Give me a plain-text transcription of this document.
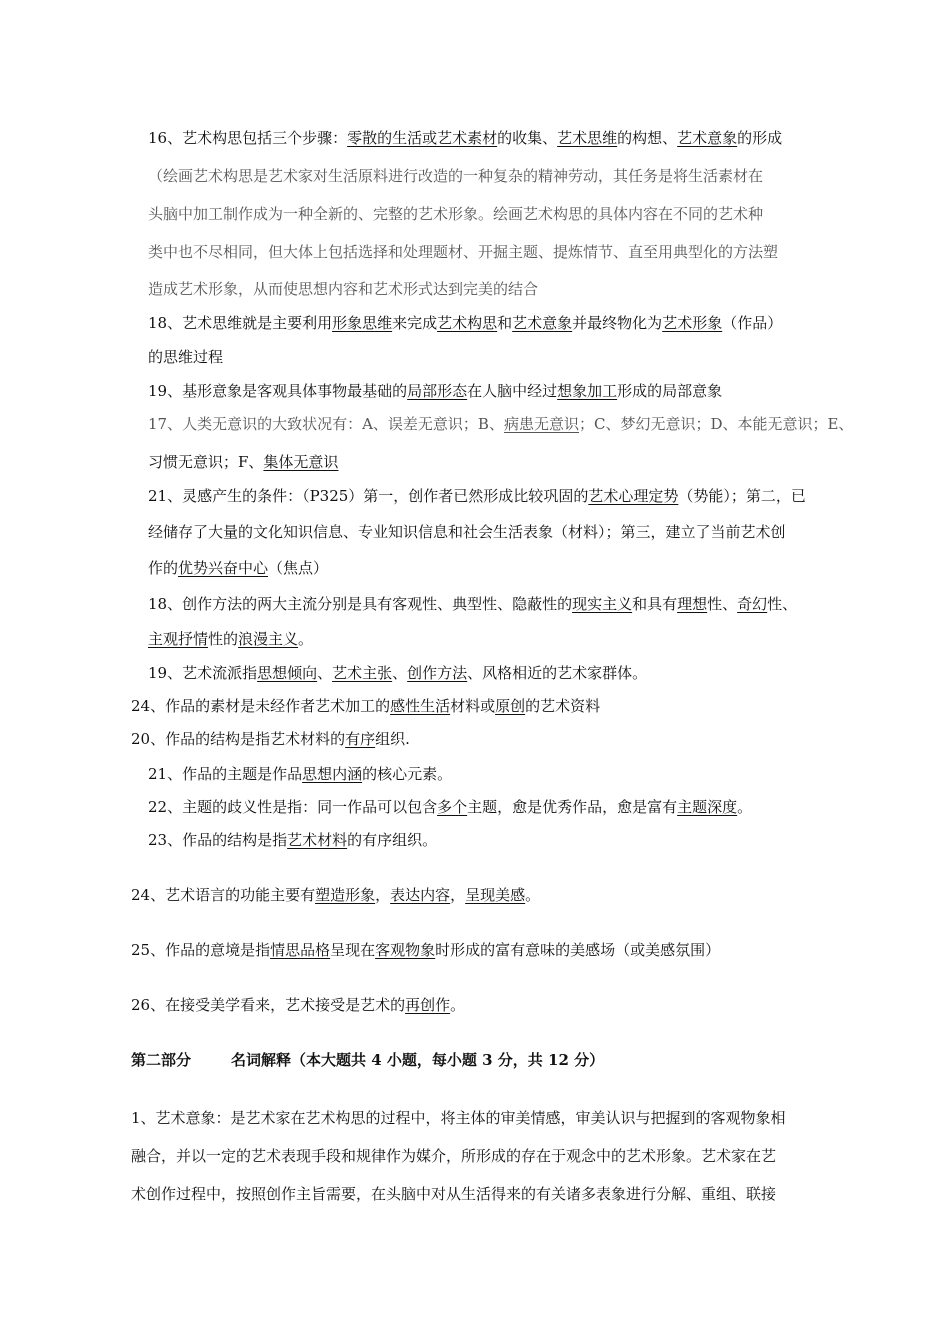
16、艺术构思包括三个步骤：零散的生活或艺术素材的收集、艺术思维的构想、艺术意象的形成
（绘画艺术构思是艺术家对生活原料进行改造的一种复杂的精神劳动，其任务是将生活素材在
头脑中加工制作成为一种全新的、完整的艺术形象。绘画艺术构思的具体内容在不同的艺术种
类中也不尽相同，但大体上包括选择和处理题材、开掘主题、提炼情节、直至用典型化的方法塑
造成艺术形象，从而使思想内容和艺术形式达到完美的结合
18、艺术思维就是主要利用形象思维来完成艺术构思和艺术意象并最终物化为艺术形象（作品）
的思维过程
19、基形意象是客观具体事物最基础的局部形态在人脑中经过想象加工形成的局部意象
17、人类无意识的大致状况有：A、误差无意识；B、病患无意识；C、梦幻无意识；D、本能无意识；E、
习惯无意识；F、集体无意识
21、灵感产生的条件：（P325）第一，创作者已然形成比较巩固的艺术心理定势（势能）；第二，已
经储存了大量的文化知识信息、专业知识信息和社会生活表象（材料）；第三，建立了当前艺术创
作的优势兴奋中心（焦点）
18、创作方法的两大主流分别是具有客观性、典型性、隐蔽性的现实主义和具有理想性、奇幻性、
主观抒情性的浪漫主义。
19、艺术流派指思想倾向、艺术主张、创作方法、风格相近的艺术家群体。
24、作品的素材是未经作者艺术加工的感性生活材料或原创的艺术资料
20、作品的结构是指艺术材料的有序组织.
21、作品的主题是作品思想内涵的核心元素。
22、主题的歧义性是指：同一作品可以包含多个主题，愈是优秀作品，愈是富有主题深度。
23、作品的结构是指艺术材料的有序组织。
24、艺术语言的功能主要有塑造形象，表达内容，呈现美感。
25、作品的意境是指情思品格呈现在客观物象时形成的富有意味的美感场（或美感氛围）
26、在接受美学看来，艺术接受是艺术的再创作。
第二部分	名词解释（本大题共 4 小题，每小题 3 分，共 12 分）
1、艺术意象：是艺术家在艺术构思的过程中，将主体的审美情感，审美认识与把握到的客观物象相
融合，并以一定的艺术表现手段和规律作为媒介，所形成的存在于观念中的艺术形象。艺术家在艺
术创作过程中，按照创作主旨需要，在头脑中对从生活得来的有关诸多表象进行分解、重组、联接
